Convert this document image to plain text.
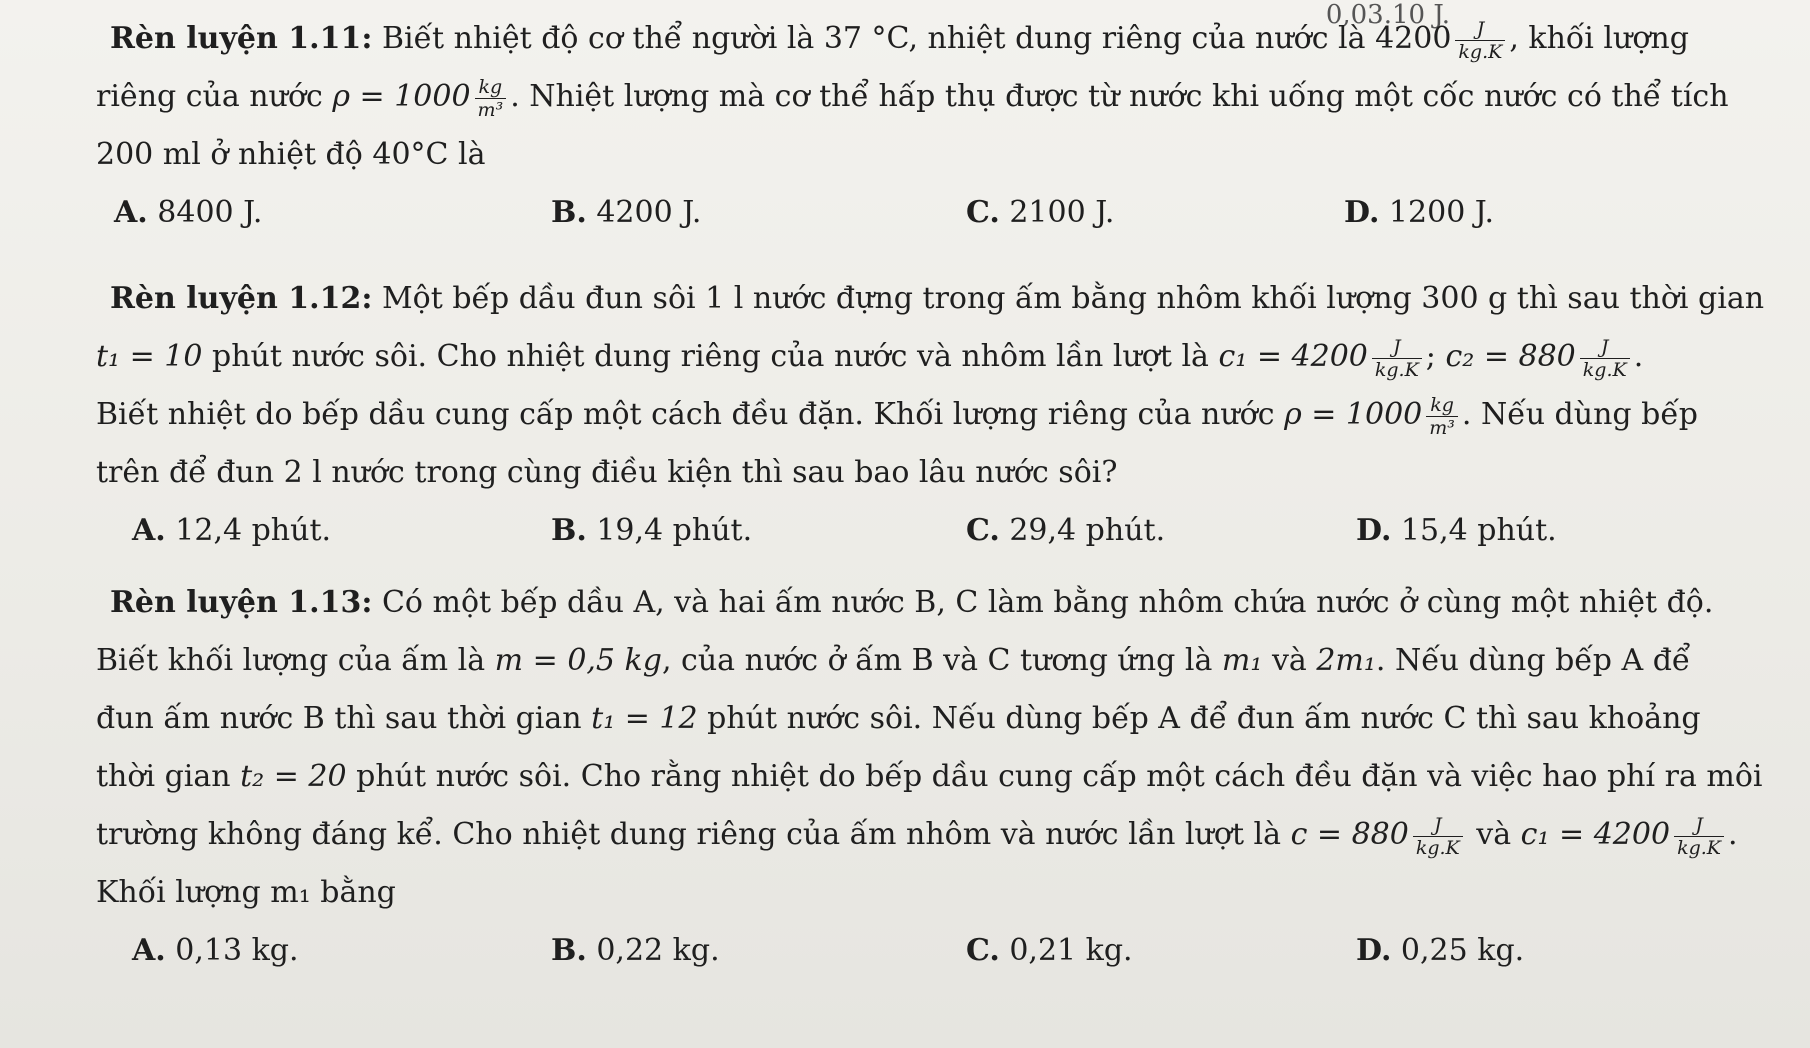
0,03.10 J.
Rèn luyện 1.11: Biết nhiệt độ cơ thể người là 37 °C, nhiệt dung riêng của nước là $4200 \frac{J}{kg.K}$ , khối lượng
riêng của nước $\rho = 1000 \frac{kg}{\text{m³}}$ . Nhiệt lượng mà cơ thể hấp thụ được từ nước khi uống một cốc nước có thể tích
200 ml ở nhiệt độ 40°C là
A. 8400 J.	B. 4200 J.	C. 2100 J.	D. 1200 J.
Rèn luyện 1.12: Một bếp dầu đun sôi 1 l nước đựng trong ấm bằng nhôm khối lượng 300 g thì sau thời gian
t₁ = 10 phút nước sôi. Cho nhiệt dung riêng của nước và nhôm lần lượt là $c_1 = 4200 \frac{J}{kg.K}$ ; $c_2 = 880 \frac{J}{kg.K}$ .
Biết nhiệt do bếp dầu cung cấp một cách đều đặn. Khối lượng riêng của nước $\rho = 1000 \frac{kg}{\text{m³}}$ . Nếu dùng bếp
trên để đun 2 l nước trong cùng điều kiện thì sau bao lâu nước sôi?
A. 12,4 phút.	B. 19,4 phút.	C. 29,4 phút.	D. 15,4 phút.
Rèn luyện 1.13: Có một bếp dầu A, và hai ấm nước B, C làm bằng nhôm chứa nước ở cùng một nhiệt độ.
Biết khối lượng của ấm là m = 0,5 kg, của nước ở ấm B và C tương ứng là m₁ và 2m₁. Nếu dùng bếp A để
đun ấm nước B thì sau thời gian t₁ = 12 phút nước sôi. Nếu dùng bếp A để đun ấm nước C thì sau khoảng
thời gian t₂ = 20 phút nước sôi. Cho rằng nhiệt do bếp dầu cung cấp một cách đều đặn và việc hao phí ra môi
trường không đáng kể. Cho nhiệt dung riêng của ấm nhôm và nước lần lượt là $c = 880 \frac{J}{kg.K}$ và $c_1 = 4200 \frac{J}{kg.K}$ .
Khối lượng m₁ bằng
A. 0,13 kg.	B. 0,22 kg.	C. 0,21 kg.	D. 0,25 kg.
